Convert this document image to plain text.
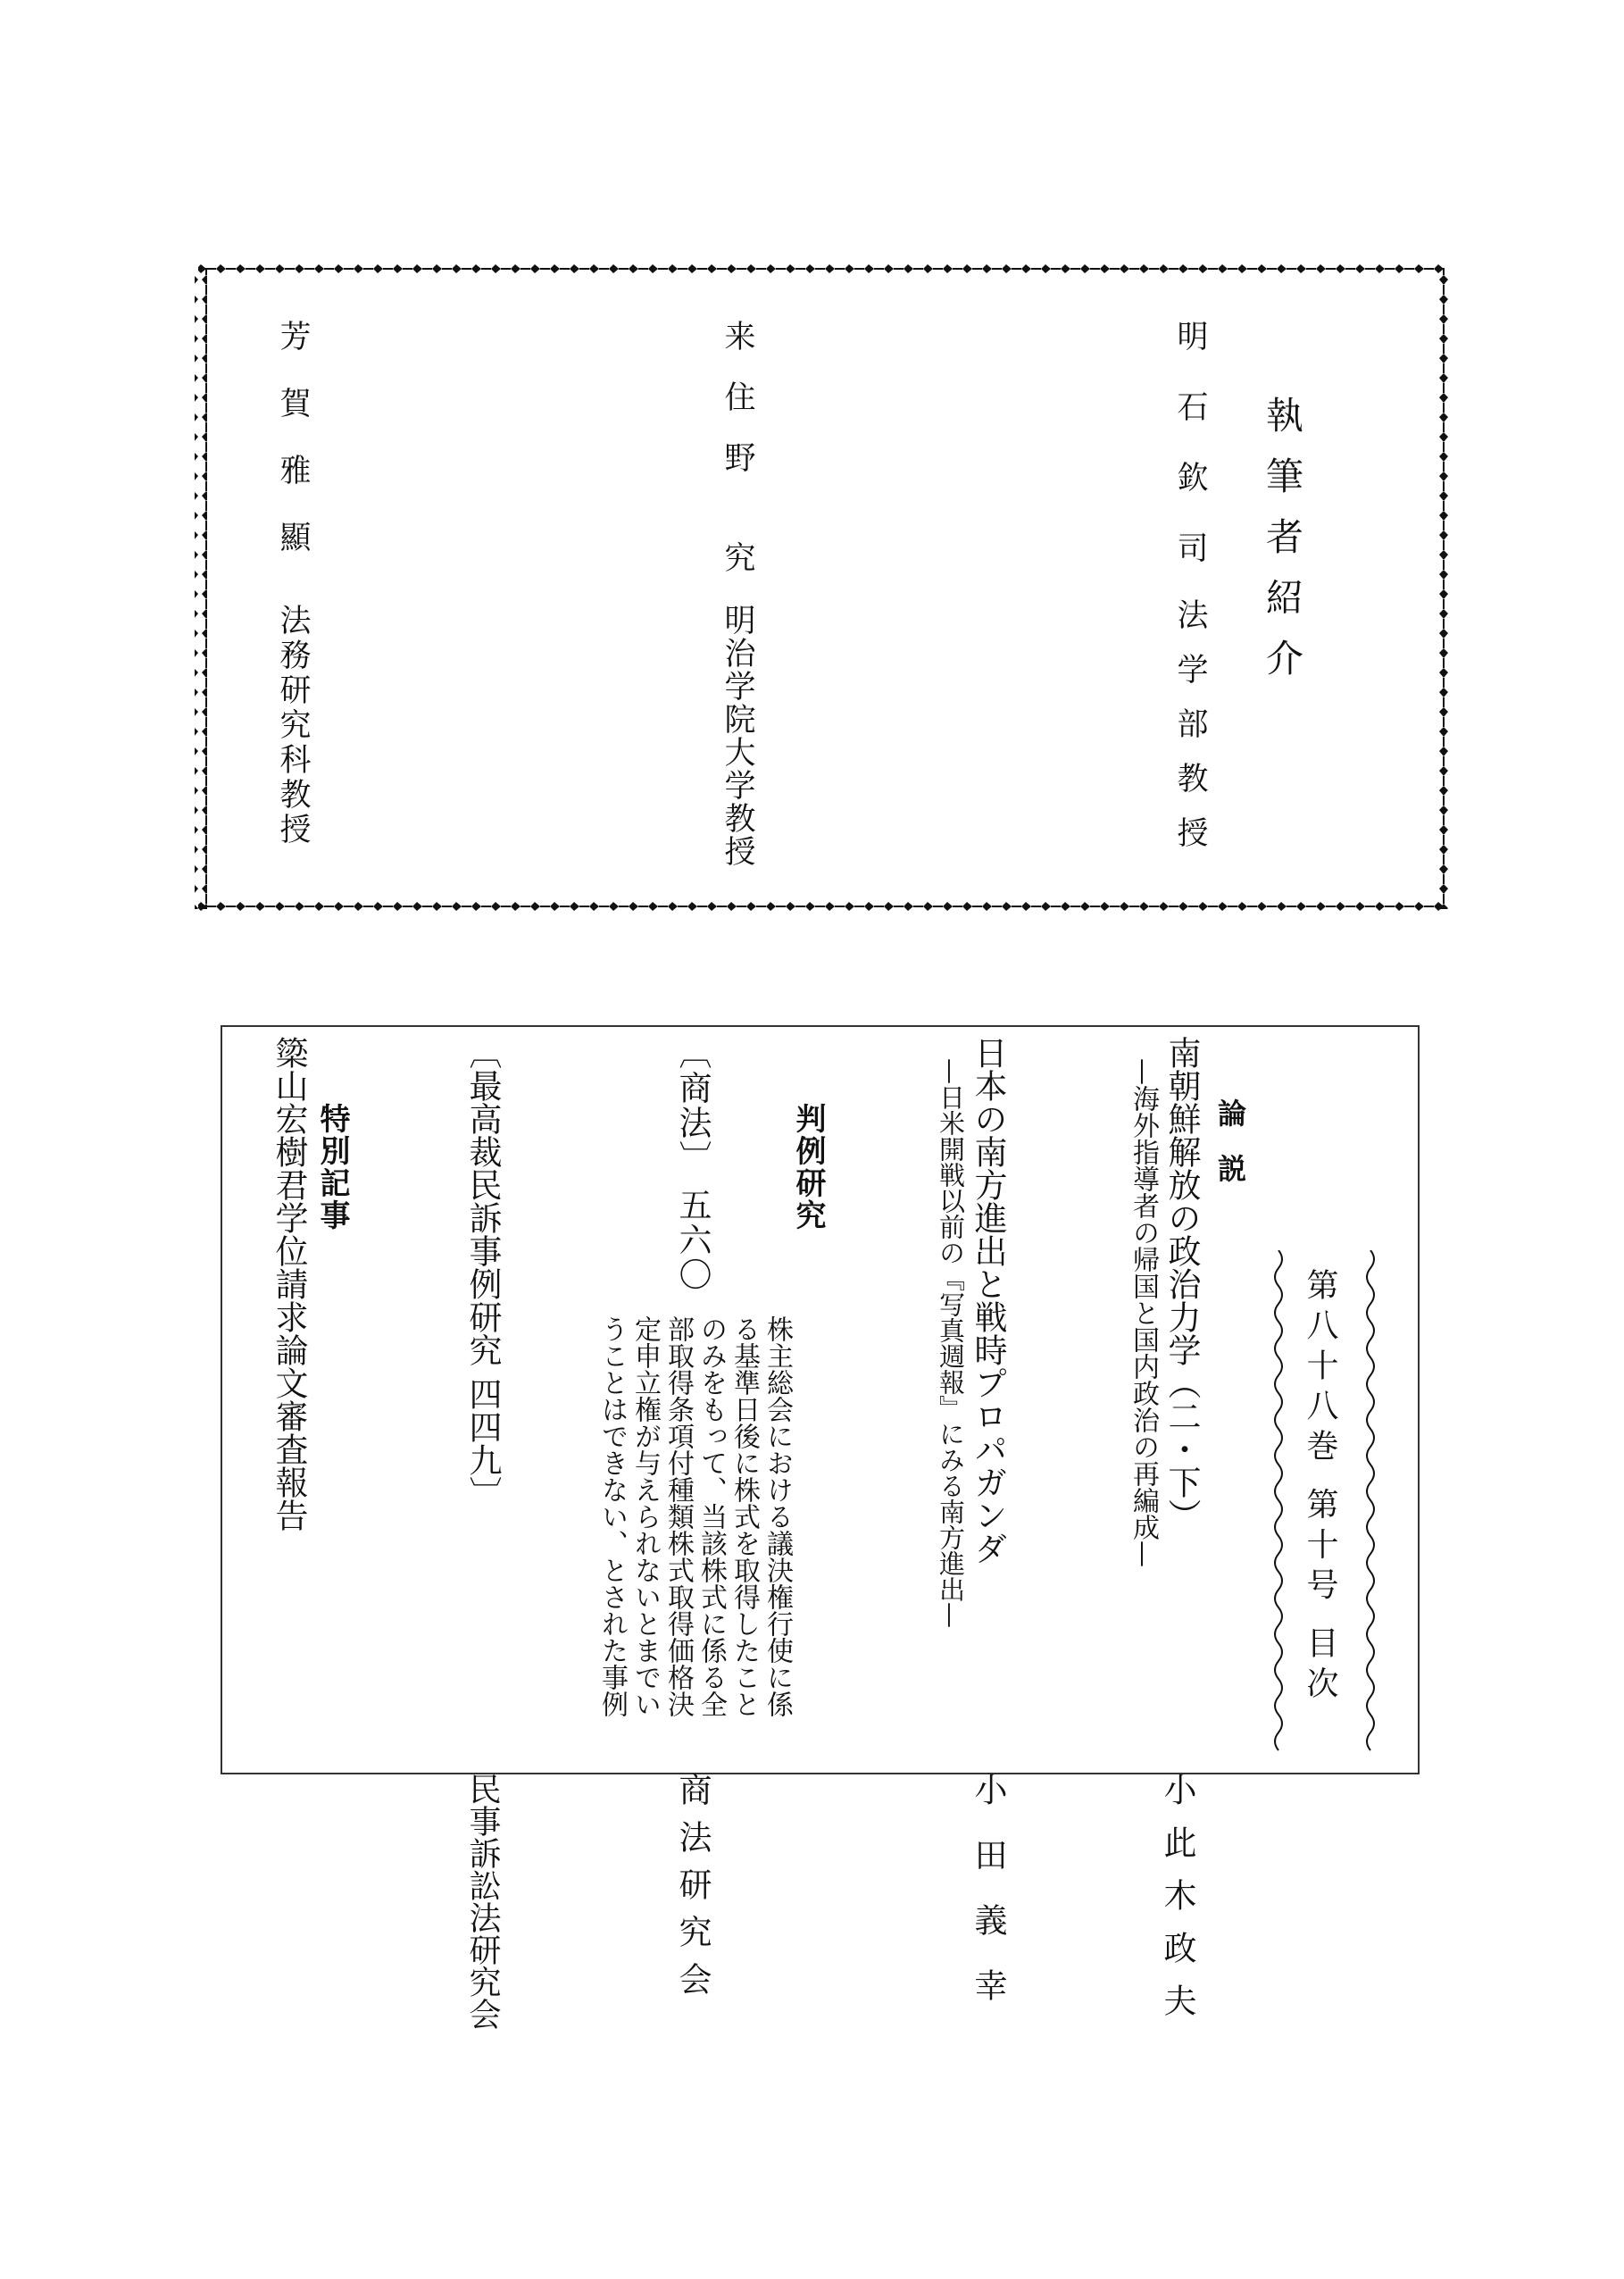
執筆者紹介
明石欽司
法学部教授
来住野 究
明治学院大学教授
芳賀雅顯
法務研究科教授
第八十八巻 第十号 目次
論説
南朝鮮解放の政治力学（二・下）
—海外指導者の帰国と国内政治の再編成—
小此木政夫
日本の南方進出と戦時プロパガンダ
—日米開戦以前の『写真週報』にみる南方進出—
小田義幸
判例研究
〔商法〕 五六〇
株主総会における議決権行使に係
る基準日後に株式を取得したこと
のみをもって、当該株式に係る全
部取得条項付種類株式取得価格決
定申立権が与えられないとまでい
うことはできない、とされた事例
商法研究会
〔最高裁民訴事例研究 四四九〕
民事訴訟法研究会
特別記事
簗山宏樹君学位請求論文審査報告
